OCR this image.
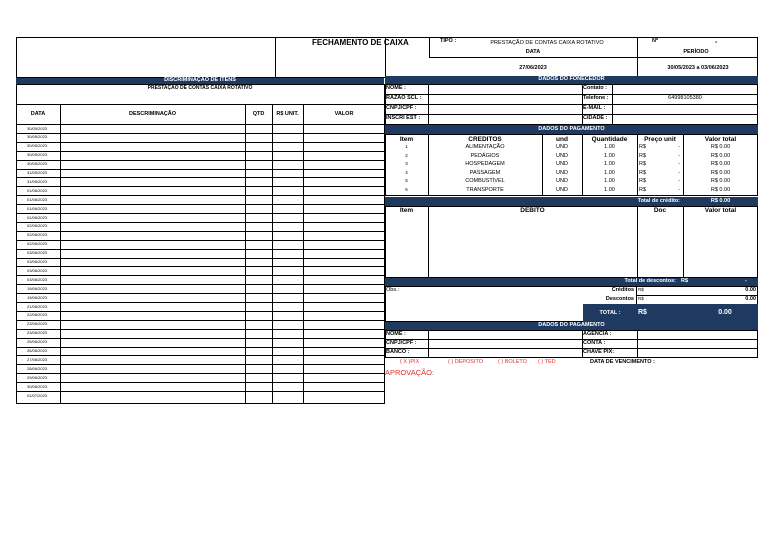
FECHAMENTO DE CAIXA	TIPO :	PRESTAÇÃO DE CONTAS CAIXA ROTATIVO	Nº	-
DATA	PERÍODO
27/06/2023	30/05/2023 a 03/06/2023
DISCRIMINAÇÃO DE ITENS
PRESTAÇÃO DE CONTAS CAIXA ROTATIVO
DATA	DESCRIMINAÇÃO	QTD	R$ UNIT.	VALOR
30/05/2023
30/05/2023
30/05/2023
30/05/2023
30/05/2023
31/05/2023
31/05/2023
01/06/2023
01/06/2023
01/06/2023
01/06/2023
02/06/2023
02/06/2023
02/06/2023
03/06/2023
03/06/2023
03/06/2023
03/06/2023
19/06/2023
19/06/2023
21/06/2023
22/06/2023
23/06/2023
23/06/2023
25/06/2023
26/06/2023
27/06/2023
28/06/2023
29/06/2023
30/06/2023
01/07/2023
DADOS DO FONECEDOR
NOME :
RAZAO SCL :
CNPJ/CPF :
INSCRI EST :
Contato :
Telefone :	64998105380
E-MAIL :
CIDADE :
DADOS DO PAGAMENTO
Item	CREDITOS	und	Quantidade	Preço unit	Valor total
1	ALIMENTAÇÃO	UND	1.00	R$	-	R$ 0.00
2	PEDÁGIOS	UND	1.00	R$	-	R$ 0.00
3	HOSPEDAGEM	UND	1.00	R$	-	R$ 0.00
4	PASSAGEM	UND	1.00	R$	-	R$ 0.00
5	COMBUSTÍVEL	UND	1.00	R$	-	R$ 0.00
6	TRANSPORTE	UND	1.00	R$	-	R$ 0.00
Total de crédito:	R$ 0.00
Item	DEBITO	Doc	Valor total
Total de descontos: R$	-
Obs.:	Créditos R$	0.00
Descontos R$	0.00
TOTAL :	R$	0.00
DADOS DO PAGAMENTO
NOME :
CNPJ/CPF :
BANCO :
AGENCIA :
CONTA :
CHAVE PIX:
( X )PIX	( ) DEPOSITO	( ) BOLETO ( ) TED	DATA DE VENCIMENTO :
APROVAÇÃO:
